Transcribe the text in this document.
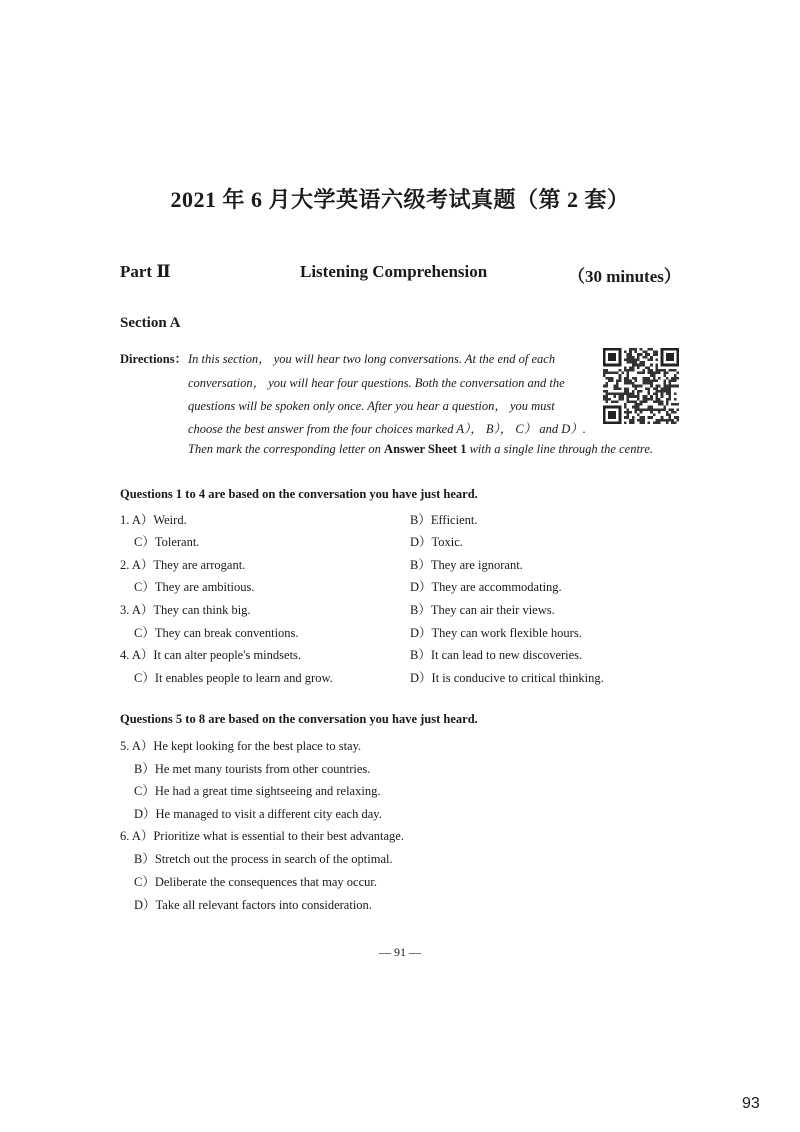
2021 年 6 月大学英语六级考试真题（第 2 套）
Part Ⅱ	Listening Comprehension	（30 minutes）
Section A
Directions： In this section， you will hear two long conversations. At the end of each
conversation， you will hear four questions. Both the conversation and the
questions will be spoken only once. After you hear a question， you must
choose the best answer from the four choices marked A）， B）， C） and D）.
Then mark the corresponding letter on Answer Sheet 1 with a single line through the centre.
Questions 1 to 4 are based on the conversation you have just heard.
1. A）Weird.	B）Efficient.
C）Tolerant.	D）Toxic.
2. A）They are arrogant.	B）They are ignorant.
C）They are ambitious.	D）They are accommodating.
3. A）They can think big.	B）They can air their views.
C）They can break conventions.	D）They can work flexible hours.
4. A）It can alter people's mindsets.	B）It can lead to new discoveries.
C）It enables people to learn and grow.	D）It is conducive to critical thinking.
Questions 5 to 8 are based on the conversation you have just heard.
5. A）He kept looking for the best place to stay.
B）He met many tourists from other countries.
C）He had a great time sightseeing and relaxing.
D）He managed to visit a different city each day.
6. A）Prioritize what is essential to their best advantage.
B）Stretch out the process in search of the optimal.
C）Deliberate the consequences that may occur.
D）Take all relevant factors into consideration.
— 91 —
93
